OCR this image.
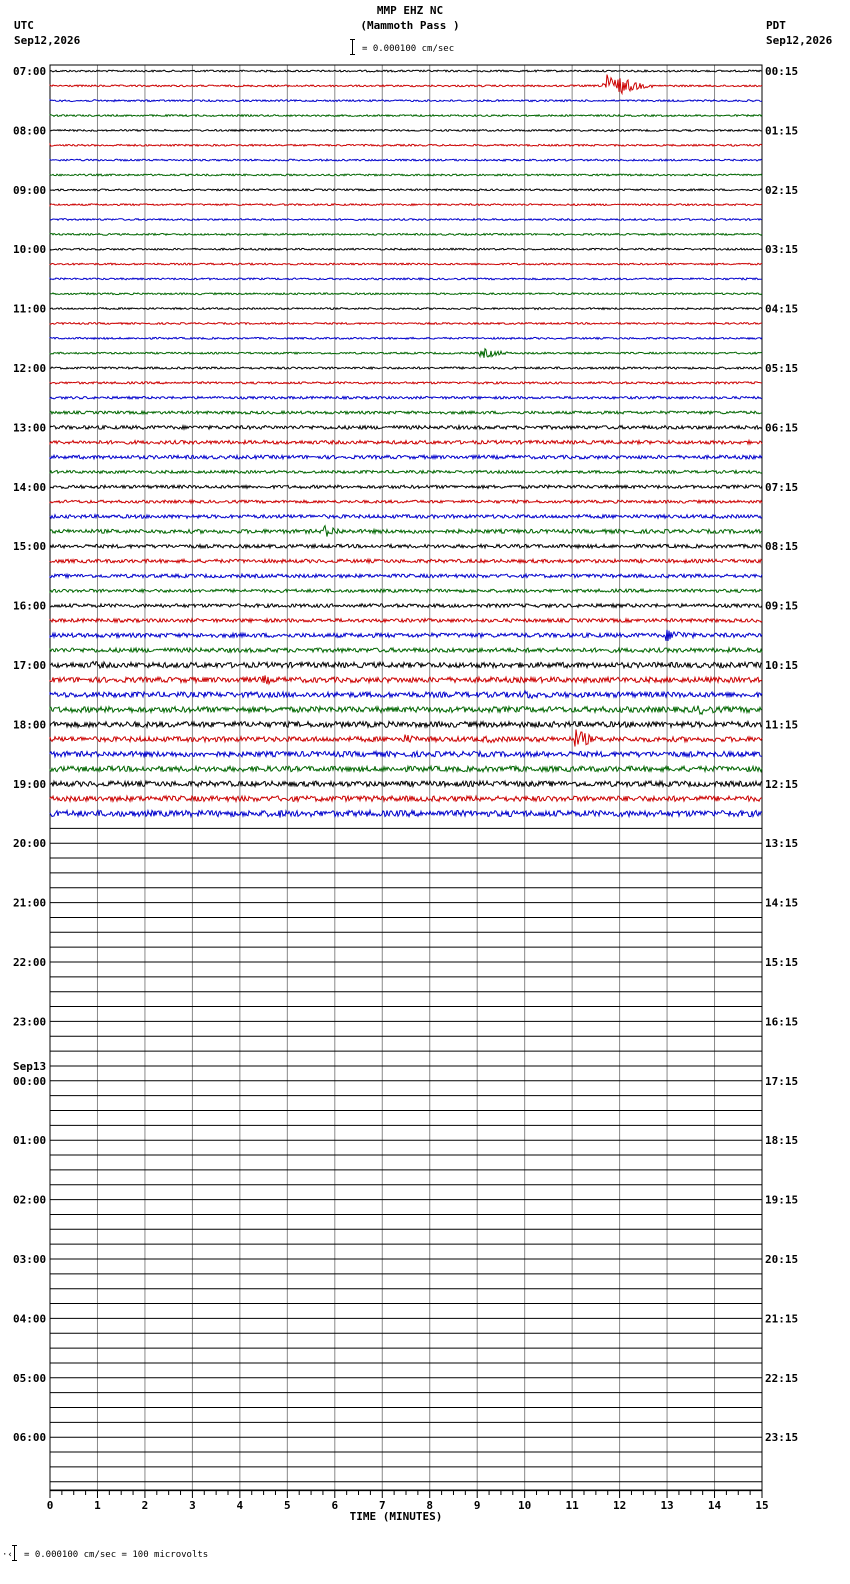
UTC
Sep12,2026
PDT
Sep12,2026
MMP EHZ NC
(Mammoth Pass )
= 0.000100 cm/sec
07:00
08:00
09:00
10:00
11:00
12:00
13:00
14:00
15:00
16:00
17:00
18:00
19:00
20:00
21:00
22:00
23:00
00:00
Sep13
01:00
02:00
03:00
04:00
05:00
06:00
00:15
01:15
02:15
03:15
04:15
05:15
06:15
07:15
08:15
09:15
10:15
11:15
12:15
13:15
14:15
15:15
16:15
17:15
18:15
19:15
20:15
21:15
22:15
23:15
0	1	2	3	4	5	6	7	8	9	10	11	12	13	14	15
TIME (MINUTES)
·‹ = 0.000100 cm/sec = 100 microvolts
